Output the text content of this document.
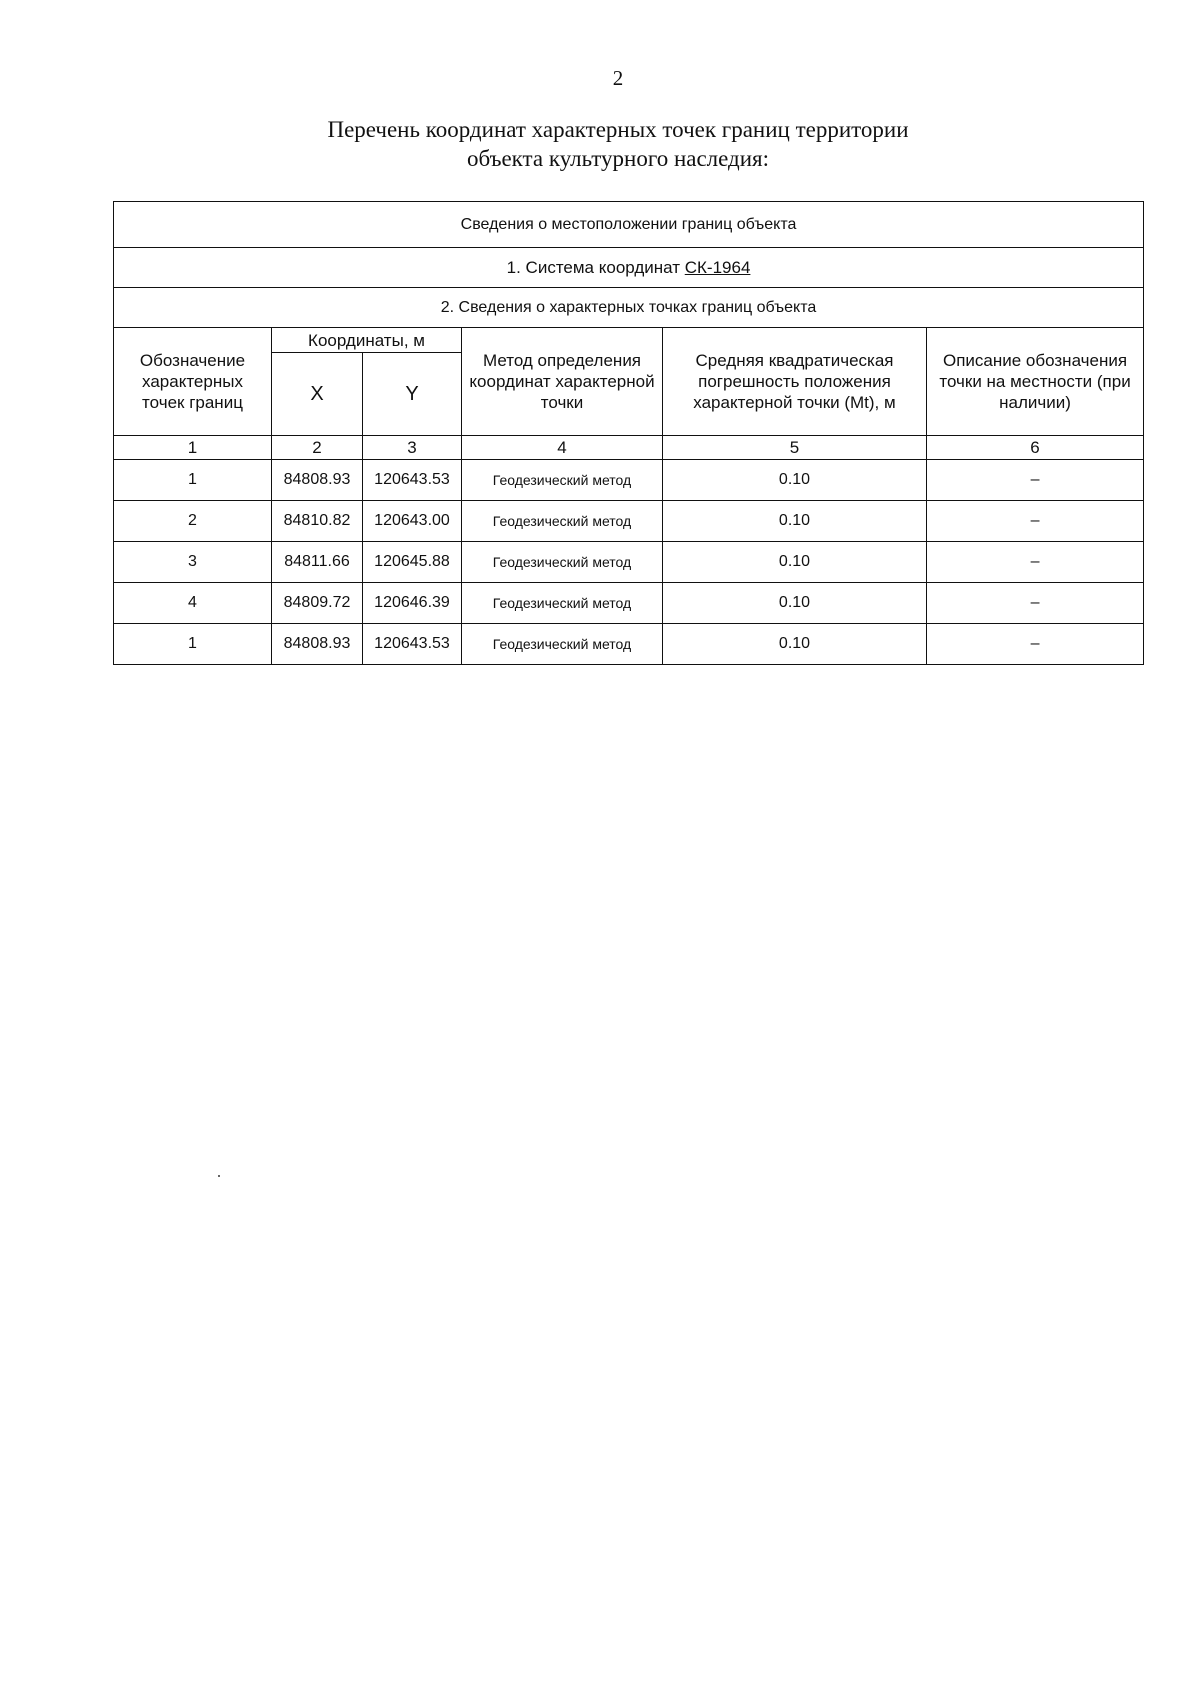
2
Перечень координат характерных точек границ территории
объекта культурного наследия:
Сведения о местоположении границ объекта					
1. Система координат СК-1964					
2. Сведения о характерных точках границ объекта					
Обозначение характерных точек границ	Координаты, м		Метод определения координат характерной точки	Средняя квадратическая погрешность положения характерной точки (Mt), м	Описание обозначения точки на местности (при наличии)
	X	Y			
1	2	3	4	5	6
1	84808.93	120643.53	Геодезический метод	0.10	–
2	84810.82	120643.00	Геодезический метод	0.10	–
3	84811.66	120645.88	Геодезический метод	0.10	–
4	84809.72	120646.39	Геодезический метод	0.10	–
1	84808.93	120643.53	Геодезический метод	0.10	–
